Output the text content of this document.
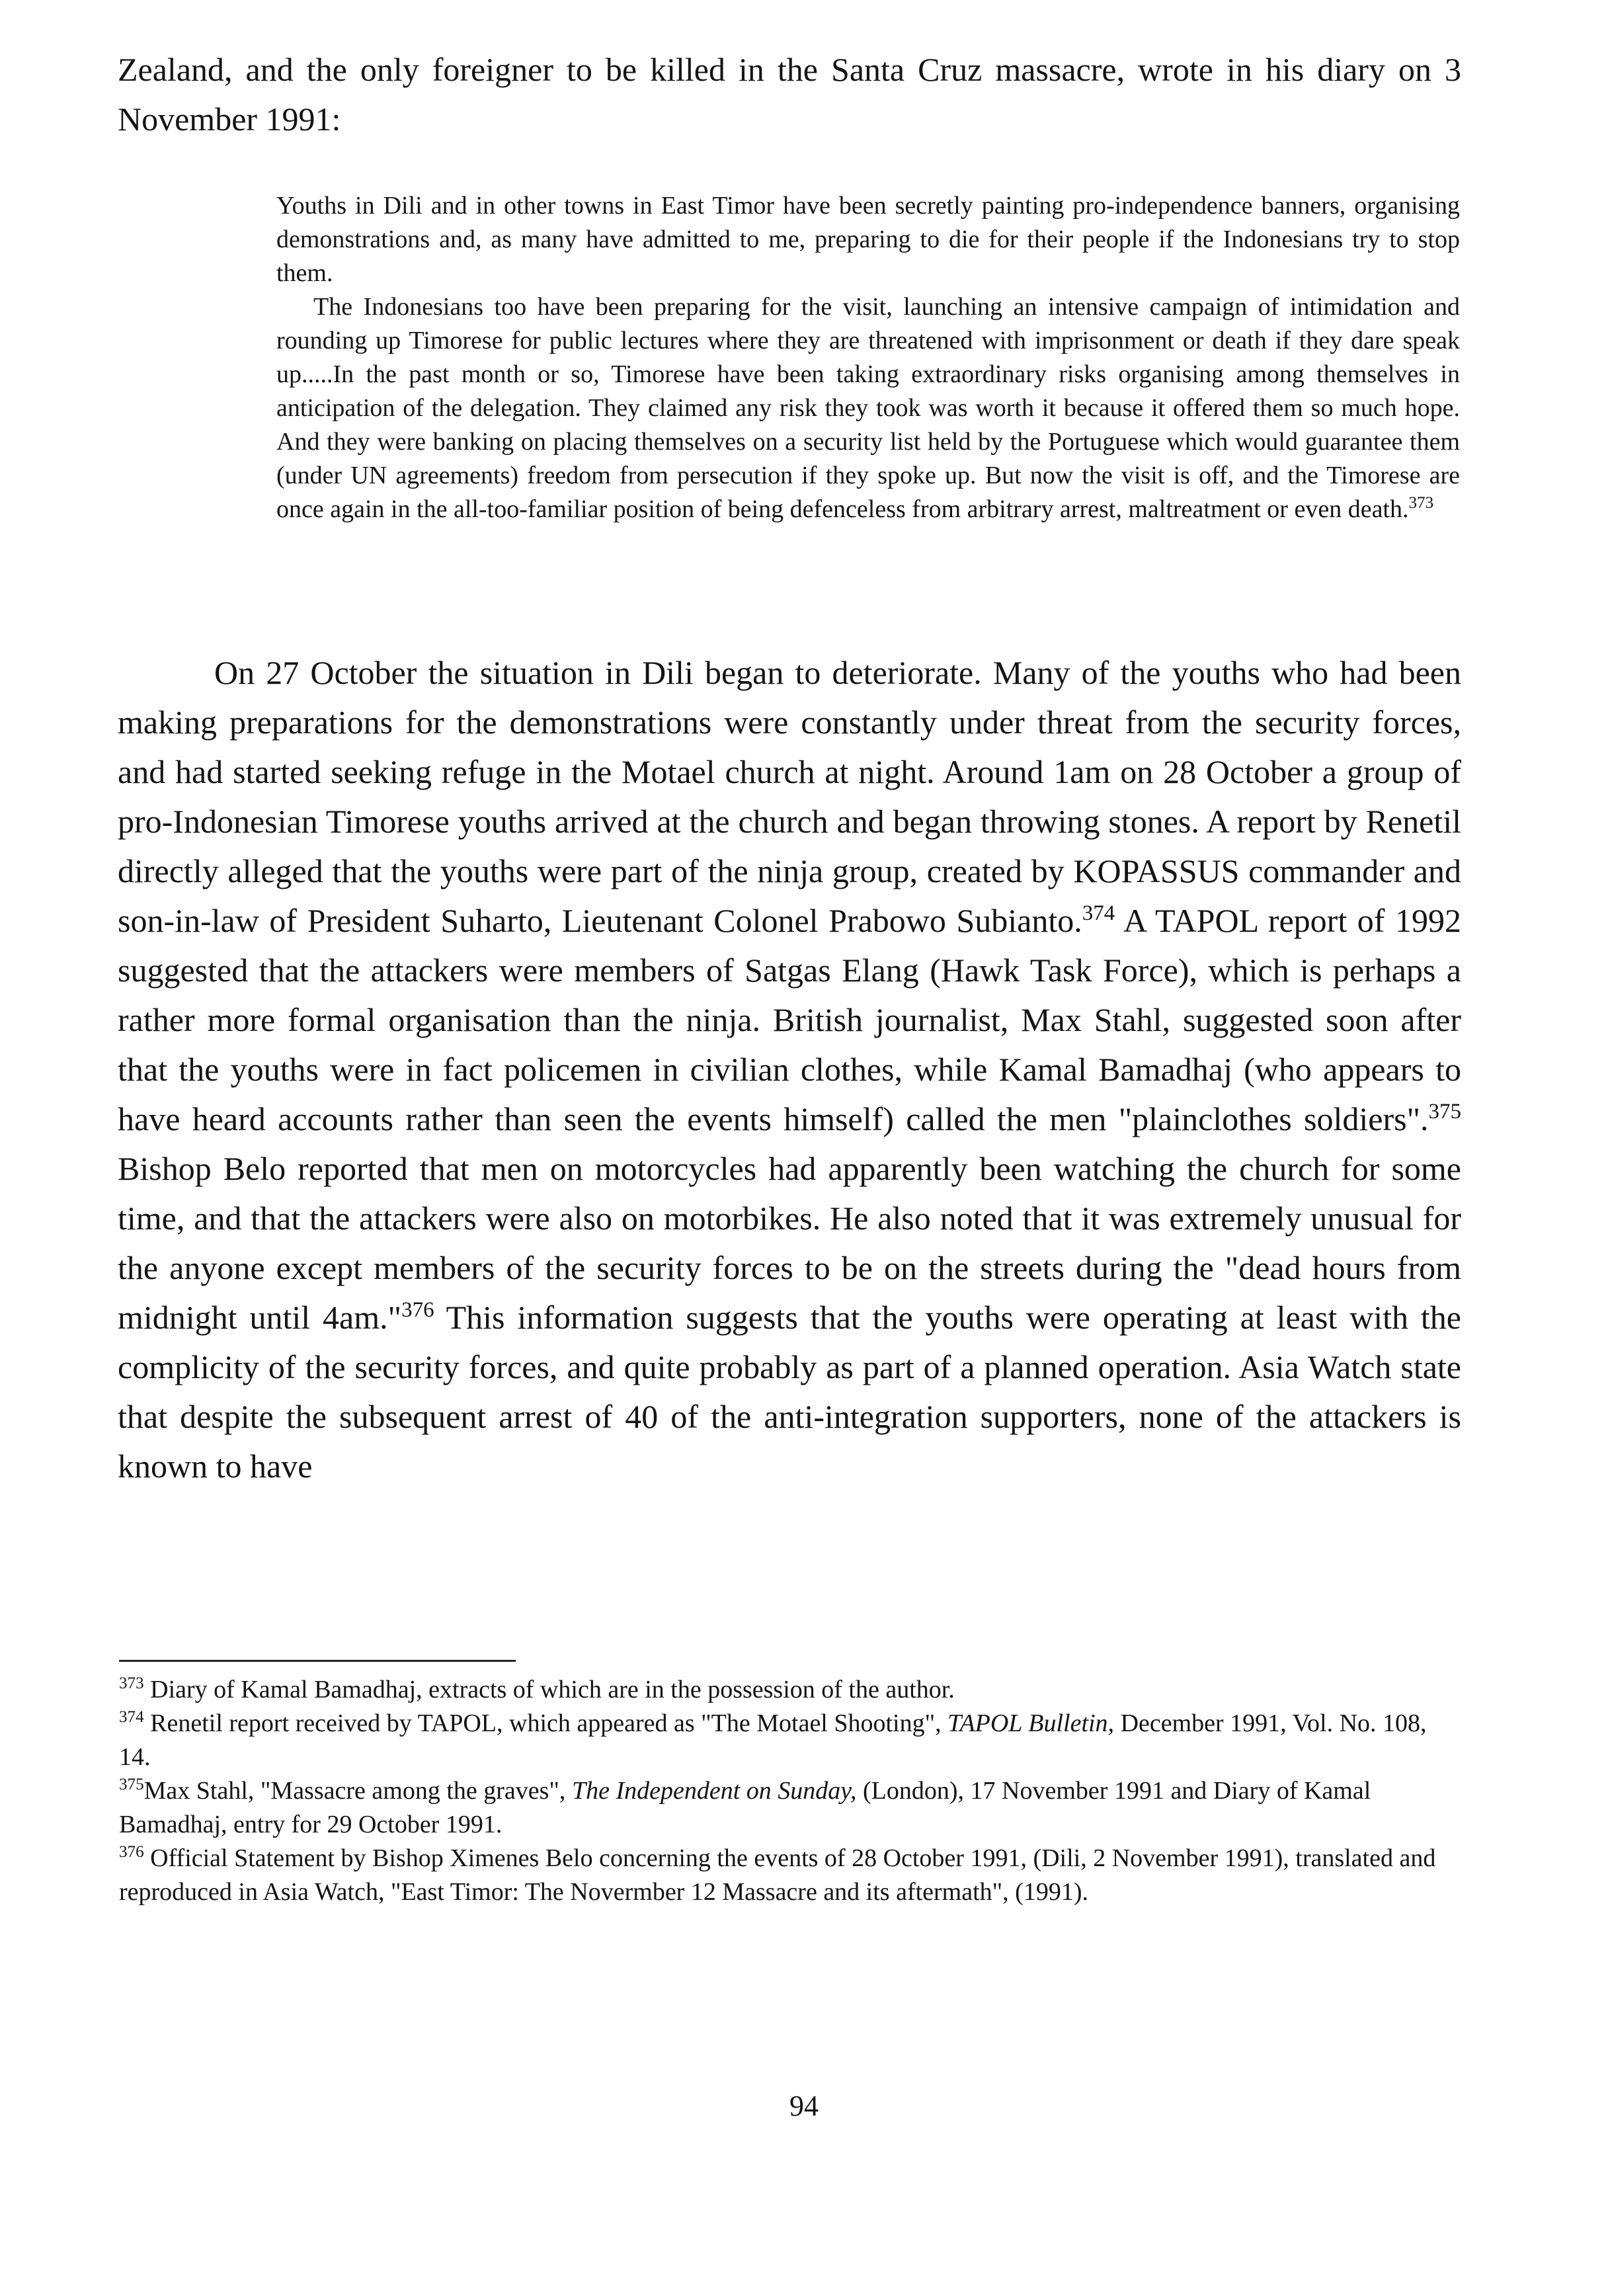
Zealand, and the only foreigner to be killed in the Santa Cruz massacre, wrote in his diary on 3 November 1991:

Youths in Dili and in other towns in East Timor have been secretly painting pro-independence banners, organising demonstrations and, as many have admitted to me, preparing to die for their people if the Indonesians try to stop them.

The Indonesians too have been preparing for the visit, launching an intensive campaign of intimidation and rounding up Timorese for public lectures where they are threatened with imprisonment or death if they dare speak up.....In the past month or so, Timorese have been taking extraordinary risks organising among themselves in anticipation of the delegation. They claimed any risk they took was worth it because it offered them so much hope. And they were banking on placing themselves on a security list held by the Portuguese which would guarantee them (under UN agreements) freedom from persecution if they spoke up. But now the visit is off, and the Timorese are once again in the all-too-familiar position of being defenceless from arbitrary arrest, maltreatment or even death.$^{373}$

On 27 October the situation in Dili began to deteriorate. Many of the youths who had been making preparations for the demonstrations were constantly under threat from the security forces, and had started seeking refuge in the Motael church at night. Around 1am on 28 October a group of pro-Indonesian Timorese youths arrived at the church and began throwing stones. A report by Renetil directly alleged that the youths were part of the ninja group, created by KOPASSUS commander and son-in-law of President Suharto, Lieutenant Colonel Prabowo Subianto.$^{374}$ A TAPOL report of 1992 suggested that the attackers were members of Satgas Elang (Hawk Task Force), which is perhaps a rather more formal organisation than the ninja. British journalist, Max Stahl, suggested soon after that the youths were in fact policemen in civilian clothes, while Kamal Bamadhaj (who appears to have heard accounts rather than seen the events himself) called the men "plainclothes soldiers".$^{375}$ Bishop Belo reported that men on motorcycles had apparently been watching the church for some time, and that the attackers were also on motorbikes. He also noted that it was extremely unusual for the anyone except members of the security forces to be on the streets during the "dead hours from midnight until 4am."$^{376}$ This information suggests that the youths were operating at least with the complicity of the security forces, and quite probably as part of a planned operation. Asia Watch state that despite the subsequent arrest of 40 of the anti-integration supporters, none of the attackers is known to have

$^{373}$ Diary of Kamal Bamadhaj, extracts of which are in the possession of the author.

$^{374}$ Renetil report received by TAPOL, which appeared as "The Motael Shooting", TAPOL Bulletin, December 1991, Vol. No. 108, 14.

$^{375}$Max Stahl, "Massacre among the graves", The Independent on Sunday, (London), 17 November 1991 and Diary of Kamal Bamadhaj, entry for 29 October 1991.

$^{376}$ Official Statement by Bishop Ximenes Belo concerning the events of 28 October 1991, (Dili, 2 November 1991), translated and reproduced in Asia Watch, "East Timor: The Novermber 12 Massacre and its aftermath", (1991).

94
